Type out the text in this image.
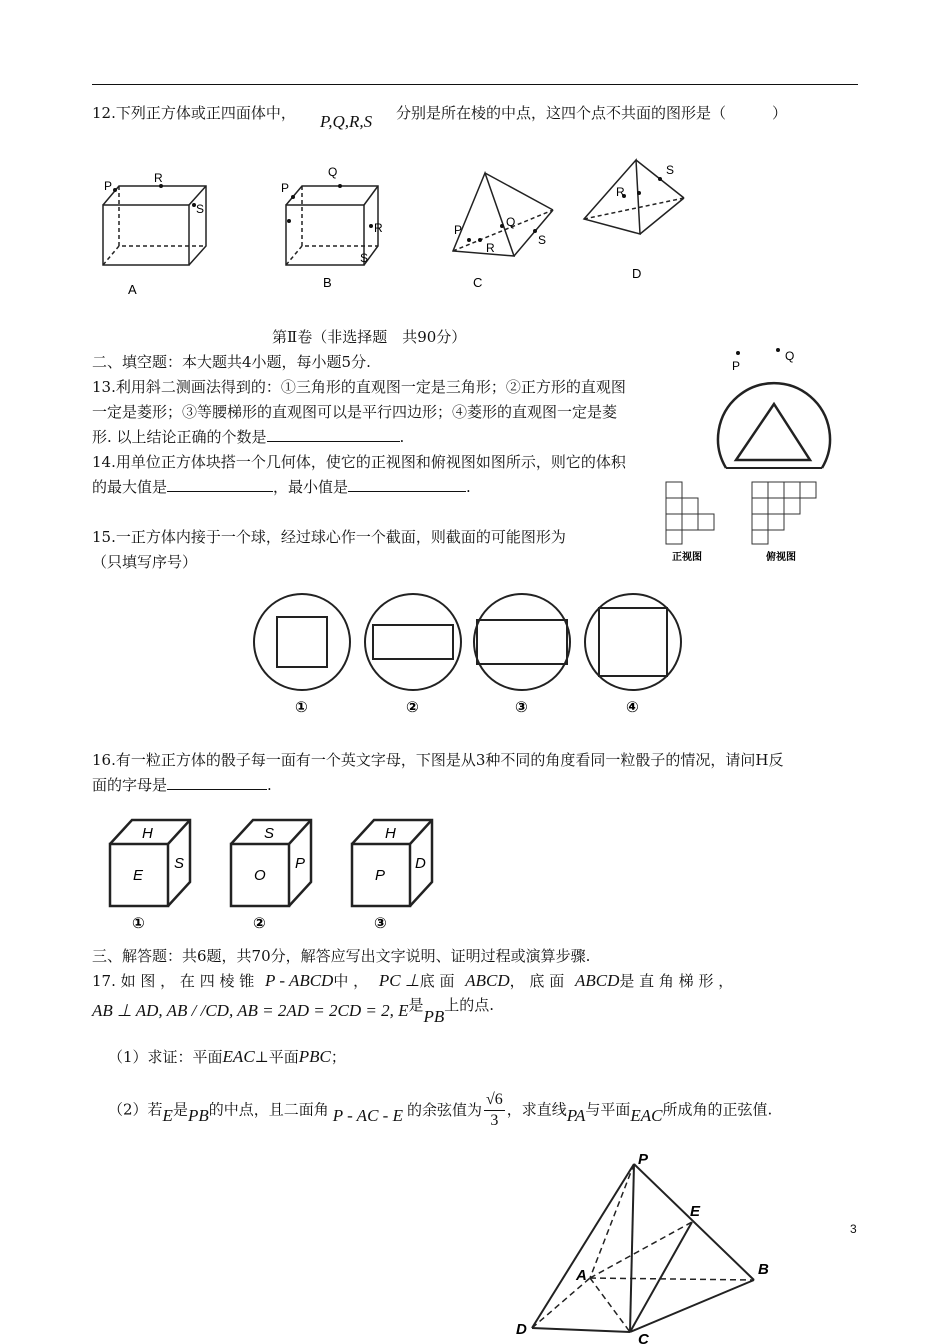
12.下列正方体或正四面体中， P,Q,R,S 分别是所在棱的中点，这四个点不共面的图形是（	）
P
R
S
A
P
Q
R
S
B
P
Q
R
S
C
R
S
D
第Ⅱ卷（非选择题　共90分）
二、填空题：本大题共4小题，每小题5分.
13.利用斜二测画法得到的：①三角形的直观图一定是三角形；②正方形的直观图
一定是菱形；③等腰梯形的直观图可以是平行四边形；④菱形的直观图一定是菱
形. 以上结论正确的个数是	.
P
Q
14.用单位正方体块搭一个几何体，使它的正视图和俯视图如图所示，则它的体积
的最大值是	，最小值是	.
正视图	俯视图
15.一正方体内接于一个球，经过球心作一个截面，则截面的可能图形为
（只填写序号）
①	②	③	④
16.有一粒正方体的骰子每一面有一个英文字母，下图是从3种不同的角度看同一粒骰子的情况，请问H反
面的字母是	.
H
E
S
S
O
P
H
P
D
①	②	③
三、解答题：共6题，共70分，解答应写出文字说明、证明过程或演算步骤.
17. 如 图 ， 在 四 棱 锥 P - ABCD中 ， PC ⊥底 面 ABCD， 底 面 ABCD是 直 角 梯 形 ，
AB ⊥ AD, AB / /CD, AB = 2AD = 2CD = 2, E是PB上的点.
（1）求证：平面EAC⊥平面PBC；
（2）若E是PB的中点，且二面角 P - AC - E 的余弦值为 $\frac{√6}{3}$ ，求直线PA与平面EAC所成角的正弦值.
P
E
A	B
C
D
3
